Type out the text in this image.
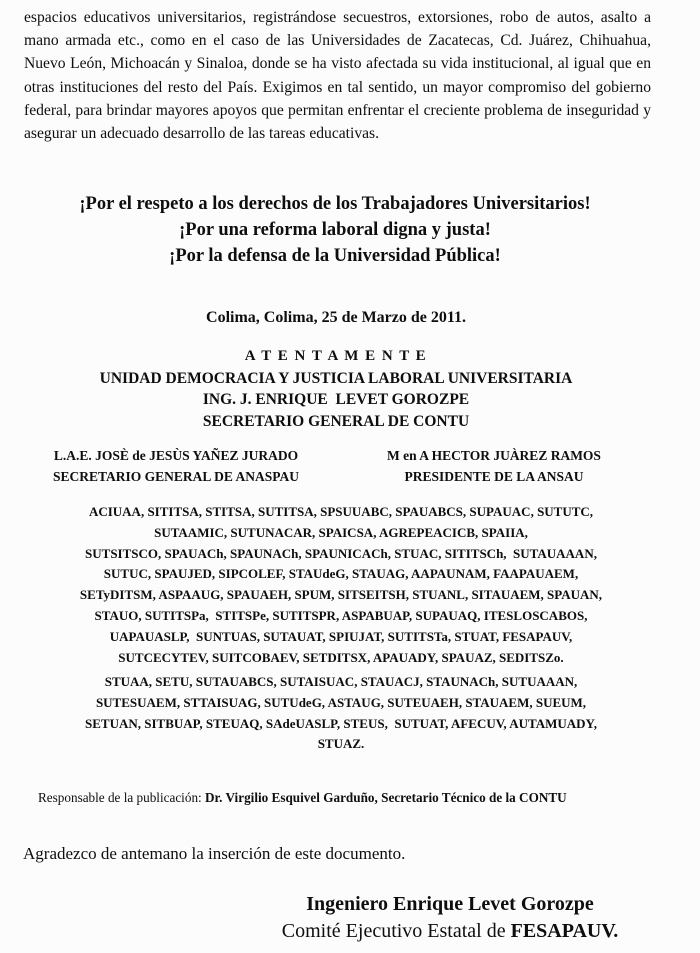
espacios educativos universitarios, registrándose secuestros, extorsiones, robo de autos, asalto a mano armada etc., como en el caso de las Universidades de Zacatecas, Cd. Juárez, Chihuahua, Nuevo León, Michoacán y Sinaloa, donde se ha visto afectada su vida institucional, al igual que en otras instituciones del resto del País. Exigimos en tal sentido, un mayor compromiso del gobierno federal, para brindar mayores apoyos que permitan enfrentar el creciente problema de inseguridad y asegurar un adecuado desarrollo de las tareas educativas.

¡Por el respeto a los derechos de los Trabajadores Universitarios!
¡Por una reforma laboral digna y justa!
¡Por la defensa de la Universidad Pública!
Colima, Colima, 25 de Marzo de 2011.
A T E N T A M E N T E
UNIDAD DEMOCRACIA Y JUSTICIA LABORAL UNIVERSITARIA
ING. J. ENRIQUE  LEVET GOROZPE
SECRETARIO GENERAL DE CONTU
L.A.E. JOSÈ de JESÙS YAÑEZ JURADO
SECRETARIO GENERAL DE ANASPAU
M en A HECTOR JUÀREZ RAMOS
PRESIDENTE DE LA ANSAU
ACIUAA, SITITSA, STITSA, SUTITSA, SPSUUABC, SPAUABCS, SUPAUAC, SUTUTC,
SUTAAMIC, SUTUNACAR, SPAICSA, AGREPEACICB, SPAIIA,
SUTSITSCO, SPAUACh, SPAUNACh, SPAUNICACh, STUAC, SITITSCh,  SUTAUAAAN,
SUTUC, SPAUJED, SIPCOLEF, STAUdeG, STAUAG, AAPAUNAM, FAAPAUAEM,
SETyDITSM, ASPAAUG, SPAUAEH, SPUM, SITSEITSH, STUANL, SITAUAEM, SPAUAN,
STAUO, SUTITSPa,  STITSPe, SUTITSPR, ASPABUAP, SUPAUAQ, ITESLOSCABOS,
UAPAUASLP,  SUNTUAS, SUTAUAT, SPIUJAT, SUTITSTa, STUAT, FESAPAUV,
SUTCECYTEV, SUITCOBAEV, SETDITSX, APAUADY, SPAUAZ, SEDITSZo.
STUAA, SETU, SUTAUABCS, SUTAISUAC, STAUACJ, STAUNACh, SUTUAAAN,
SUTESUAEM, STTAISUAG, SUTUdeG, ASTAUG, SUTEUAEH, STAUAEM, SUEUM,
SETUAN, SITBUAP, STEUAQ, SAdeUASLP, STEUS,  SUTUAT, AFECUV, AUTAMUADY,
STUAZ.
Responsable de la publicación: Dr. Virgilio Esquivel Garduño, Secretario Técnico de la CONTU
Agradezco de antemano la inserción de este documento.
Ingeniero Enrique Levet Gorozpe
Comité Ejecutivo Estatal de FESAPAUV.
